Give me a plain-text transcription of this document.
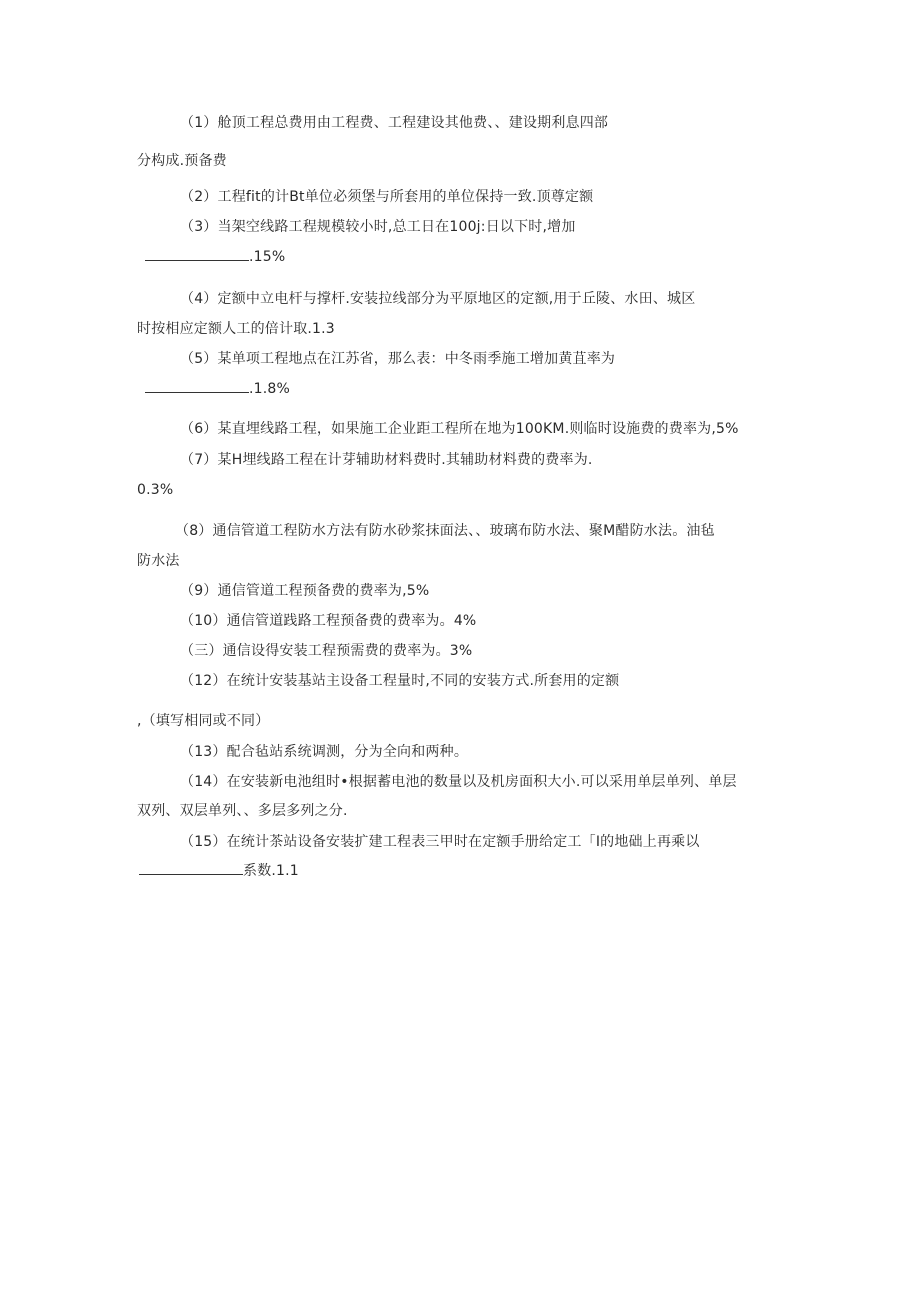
（1）舱顶工程总费用由工程费、工程建设其他费、、建设期利息四部
分构成.预备费
（2）工程fit的计Bt单位必须堡与所套用的单位保持一致.顶尊定额
（3）当架空线路工程规模较小时,总工日在100j:日以下时,增加
.15%
（4）定额中立电杆与撑杆.安装拉线部分为平原地区的定额,用于丘陵、水田、城区
时按相应定额人工的倍计取.1.3
（5）某单项工程地点在江苏省，那么表：中冬雨季施工增加黄苴率为
.1.8%
（6）某直埋线路工程，如果施工企业距工程所在地为100KM.则临时设施费的费率为,5%
（7）某H埋线路工程在计芽辅助材料费时.其辅助材料费的费率为.
0.3%
（8）通信管道工程防水方法有防水砂浆抹面法、、玻璃布防水法、聚M醋防水法。油毡
防水法
（9）通信管道工程预备费的费率为,5%
（10）通信管道践路工程预备费的费率为。4%
（三）通信设得安装工程预需费的费率为。3%
（12）在统计安装基站主设备工程量时,不同的安装方式.所套用的定额
,（填写相同或不同）
（13）配合毡站系统调测，分为全向和两种。
（14）在安装新电池组时•根据蓄电池的数量以及机房面积大小.可以采用单层单列、单层
双列、双层单列、、多层多列之分.
（15）在统计茶站设备安装扩建工程表三甲时在定额手册给定工「I的地础上再乘以
系数.1.1
